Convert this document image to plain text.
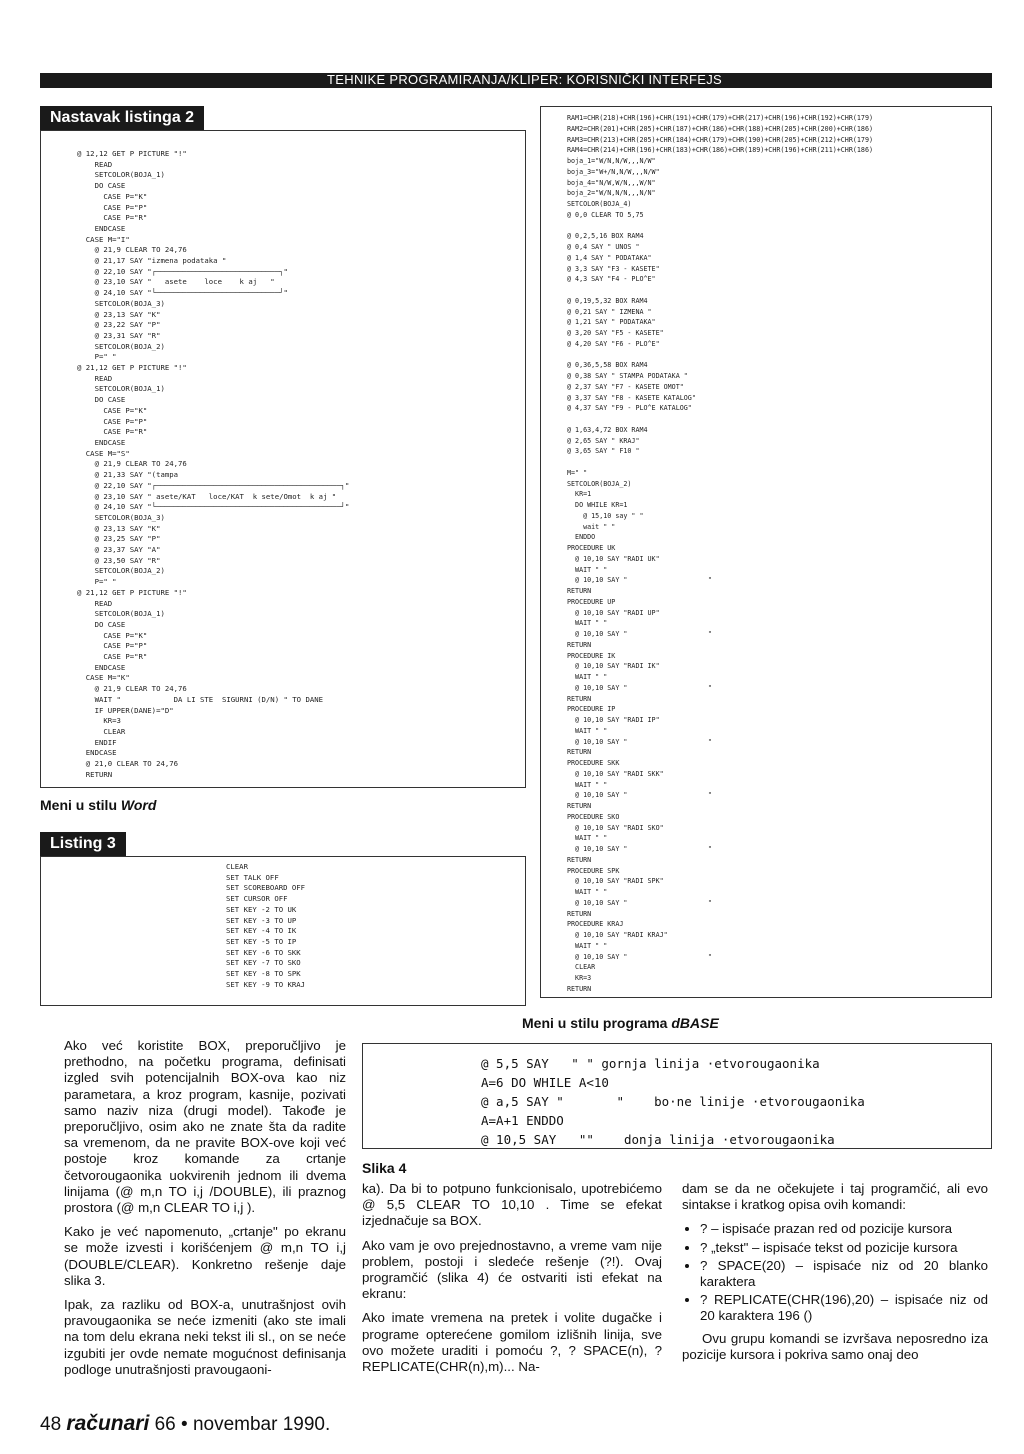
TEHNIKE PROGRAMIRANJA/KLIPER: KORISNIČKI INTERFEJS
Nastavak listinga 2
@ 12,12 GET P PICTURE "!"
READ
SETCOLOR(BOJA_1)
DO CASE
CASE P="K"
CASE P="P"
CASE P="R"
ENDCASE
CASE M="I"
@ 21,9 CLEAR TO 24,76
@ 21,17 SAY "izmena podataka "
@ 22,10 SAY "┌────────────────────────────┐"
@ 23,10 SAY "   asete    loce    k aj   "
@ 24,10 SAY "└────────────────────────────┘"
SETCOLOR(BOJA_3)
@ 23,13 SAY "K"
@ 23,22 SAY "P"
@ 23,31 SAY "R"
SETCOLOR(BOJA_2)
P=" "
@ 21,12 GET P PICTURE "!"
READ
SETCOLOR(BOJA_1)
DO CASE
CASE P="K"
CASE P="P"
CASE P="R"
ENDCASE
CASE M="S"
@ 21,9 CLEAR TO 24,76
@ 21,33 SAY "(tampa
@ 22,10 SAY "┌──────────────────────────────────────────┐"
@ 23,10 SAY " asete/KAT   loce/KAT  k sete/Omot  k aj "
@ 24,10 SAY "└──────────────────────────────────────────┘"
SETCOLOR(BOJA_3)
@ 23,13 SAY "K"
@ 23,25 SAY "P"
@ 23,37 SAY "A"
@ 23,50 SAY "R"
SETCOLOR(BOJA_2)
P=" "
@ 21,12 GET P PICTURE "!"
READ
SETCOLOR(BOJA_1)
DO CASE
CASE P="K"
CASE P="P"
CASE P="R"
ENDCASE
CASE M="K"
@ 21,9 CLEAR TO 24,76
WAIT "            DA LI STE  SIGURNI (D/N) " TO DANE
IF UPPER(DANE)="D"
KR=3
CLEAR
ENDIF
ENDCASE
@ 21,0 CLEAR TO 24,76
RETURN
Meni u stilu Word
Listing 3
CLEAR
SET TALK OFF
SET SCOREBOARD OFF
SET CURSOR OFF
SET KEY -2 TO UK
SET KEY -3 TO UP
SET KEY -4 TO IK
SET KEY -5 TO IP
SET KEY -6 TO SKK
SET KEY -7 TO SKO
SET KEY -8 TO SPK
SET KEY -9 TO KRAJ
RAM1=CHR(218)+CHR(196)+CHR(191)+CHR(179)+CHR(217)+CHR(196)+CHR(192)+CHR(179)
RAM2=CHR(201)+CHR(205)+CHR(187)+CHR(186)+CHR(188)+CHR(205)+CHR(200)+CHR(186)
RAM3=CHR(213)+CHR(205)+CHR(184)+CHR(179)+CHR(190)+CHR(205)+CHR(212)+CHR(179)
RAM4=CHR(214)+CHR(196)+CHR(183)+CHR(186)+CHR(189)+CHR(196)+CHR(211)+CHR(186)
boja_1="W/N,N/W,,,N/W"
boja_3="W+/N,N/W,,,N/W"
boja_4="N/W,W/N,,,W/N"
boja_2="W/N,N/N,,,N/N"
SETCOLOR(BOJA_4)
@ 0,0 CLEAR TO 5,75

@ 0,2,5,16 BOX RAM4
@ 0,4 SAY " UNOS "
@ 1,4 SAY " PODATAKA"
@ 3,3 SAY "F3 - KASETE"
@ 4,3 SAY "F4 - PLO^E"

@ 0,19,5,32 BOX RAM4
@ 0,21 SAY " IZMENA "
@ 1,21 SAY " PODATAKA"
@ 3,20 SAY "F5 - KASETE"
@ 4,20 SAY "F6 - PLO^E"

@ 0,36,5,58 BOX RAM4
@ 0,38 SAY " STAMPA PODATAKA "
@ 2,37 SAY "F7 - KASETE OMOT"
@ 3,37 SAY "F8 - KASETE KATALOG"
@ 4,37 SAY "F9 - PLO^E KATALOG"

@ 1,63,4,72 BOX RAM4
@ 2,65 SAY " KRAJ"
@ 3,65 SAY " F10 "

M=" "
SETCOLOR(BOJA_2)
KR=1
DO WHILE KR=1
@ 15,10 say " "
wait " "
ENDDO
PROCEDURE UK
@ 10,10 SAY "RADI UK"
WAIT " "
@ 10,10 SAY "                    "
RETURN
PROCEDURE UP
@ 10,10 SAY "RADI UP"
WAIT " "
@ 10,10 SAY "                    "
RETURN
PROCEDURE IK
@ 10,10 SAY "RADI IK"
WAIT " "
@ 10,10 SAY "                    "
RETURN
PROCEDURE IP
@ 10,10 SAY "RADI IP"
WAIT " "
@ 10,10 SAY "                    "
RETURN
PROCEDURE SKK
@ 10,10 SAY "RADI SKK"
WAIT " "
@ 10,10 SAY "                    "
RETURN
PROCEDURE SKO
@ 10,10 SAY "RADI SKO"
WAIT " "
@ 10,10 SAY "                    "
RETURN
PROCEDURE SPK
@ 10,10 SAY "RADI SPK"
WAIT " "
@ 10,10 SAY "                    "
RETURN
PROCEDURE KRAJ
@ 10,10 SAY "RADI KRAJ"
WAIT " "
@ 10,10 SAY "                    "
CLEAR
KR=3
RETURN
Meni u stilu programa dBASE
@ 5,5 SAY   " " gornja linija ·etvorougaonika
A=6 DO WHILE A<10
@ a,5 SAY "       "    bo·ne linije ·etvorougaonika
A=A+1 ENDDO
@ 10,5 SAY   ""    donja linija ·etvorougaonika
Slika 4

Ako već koristite BOX, preporučljivo je prethodno, na početku programa, definisati izgled svih potencijalnih BOX-ova kao niz parametara, a kroz program, kasnije, pozivati samo naziv niza (drugi model). Takođe je preporučljivo, osim ako ne znate šta da radite sa vremenom, da ne pravite BOX-ove koji već postoje kroz komande za crtanje četvorougaonika uokvirenih jednom ili dvema linijama (@ m,n TO i,j /DOUBLE), ili praznog prostora (@ m,n CLEAR TO i,j ).

Kako je već napomenuto, „crtanje" po ekranu se može izvesti i korišćenjem @ m,n TO i,j (DOUBLE/CLEAR). Konkretno rešenje daje slika 3.

Ipak, za razliku od BOX-a, unutrašnjost ovih pravougaonika se neće izmeniti (ako ste imali na tom delu ekrana neki tekst ili sl., on se neće izgubiti jer ovde nemate mogućnost definisanja podloge unutrašnjosti pravougaoni-

ka). Da bi to potpuno funkcionisalo, upotrebićemo @ 5,5 CLEAR TO 10,10 . Time se efekat izjednačuje sa BOX.

Ako vam je ovo prejednostavno, a vreme vam nije problem, postoji i sledeće rešenje (?!). Ovaj programčić (slika 4) će ostvariti isti efekat na ekranu:

Ako imate vremena na pretek i volite dugačke i programe opterećene gomilom izlišnih linija, sve ovo možete uraditi i pomoću ?, ? SPACE(n), ? REPLICATE(CHR(n),m)... Na-

dam se da ne očekujete i taj programčić, ali evo sintakse i kratkog opisa ovih komandi:

• ? – ispisaće prazan red od pozicije kursora
• ? „tekst" – ispisaće tekst od pozicije kursora
• ? SPACE(20) – ispisaće niz od 20 blanko karaktera
• ? REPLICATE(CHR(196),20) – ispisaće niz od 20 karaktera 196 ()

Ovu grupu komandi se izvršava neposredno iza pozicije kursora i pokriva samo onaj deo

48 računari 66 • novembar 1990.
